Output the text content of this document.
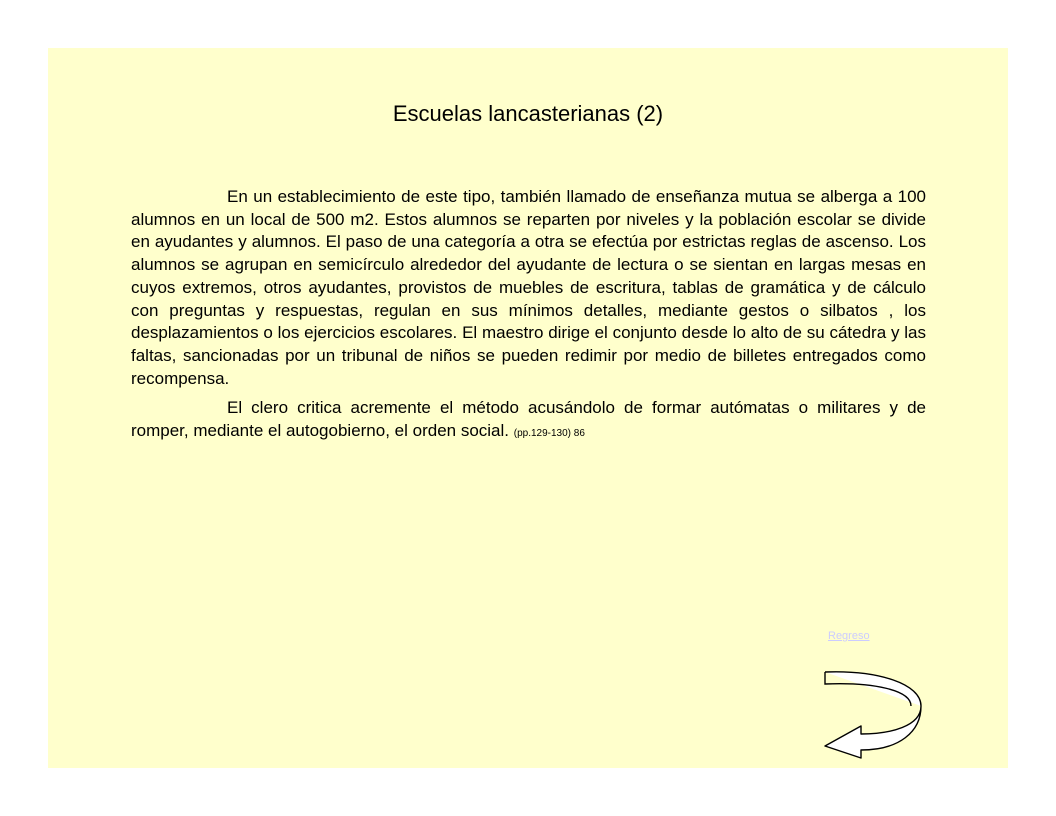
Escuelas lancasterianas (2)

En un establecimiento de este tipo, también llamado de enseñanza mutua se alberga a 100 alumnos en un local de 500 m2. Estos alumnos se reparten por niveles y la población escolar se divide en ayudantes y alumnos. El paso de una categoría a otra se efectúa por estrictas reglas de ascenso. Los alumnos se agrupan en semicírculo alrededor del ayudante de lectura o se sientan en largas mesas en cuyos extremos, otros ayudantes, provistos de muebles de escritura, tablas de gramática y de cálculo con preguntas y respuestas, regulan en sus mínimos detalles, mediante gestos o silbatos , los desplazamientos o los ejercicios escolares. El maestro dirige el conjunto desde lo alto de su cátedra y las faltas, sancionadas por un tribunal de niños se pueden redimir por medio de billetes entregados como recompensa.

El clero critica acremente el método acusándolo de formar autómatas o militares y de romper, mediante el autogobierno, el orden social. (pp.129-130) 86

Regreso
